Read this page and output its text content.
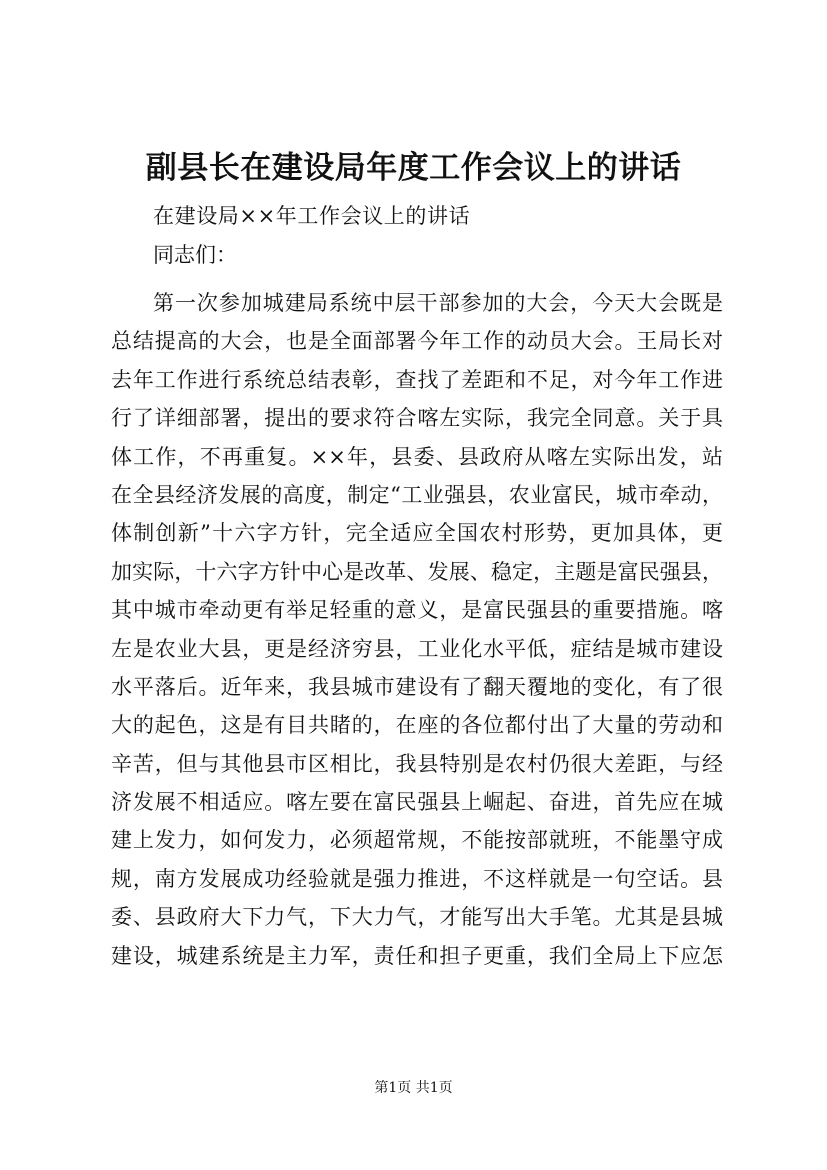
副县长在建设局年度工作会议上的讲话
在建设局××年工作会议上的讲话
同志们：
第一次参加城建局系统中层干部参加的大会，今天大会既是
总结提高的大会，也是全面部署今年工作的动员大会。王局长对
去年工作进行系统总结表彰，查找了差距和不足，对今年工作进
行了详细部署，提出的要求符合喀左实际，我完全同意。关于具
体工作，不再重复。××年，县委、县政府从喀左实际出发，站
在全县经济发展的高度，制定“工业强县，农业富民，城市牵动，
体制创新”十六字方针，完全适应全国农村形势，更加具体，更
加实际，十六字方针中心是改革、发展、稳定，主题是富民强县，
其中城市牵动更有举足轻重的意义，是富民强县的重要措施。喀
左是农业大县，更是经济穷县，工业化水平低，症结是城市建设
水平落后。近年来，我县城市建设有了翻天覆地的变化，有了很
大的起色，这是有目共睹的，在座的各位都付出了大量的劳动和
辛苦，但与其他县市区相比，我县特别是农村仍很大差距，与经
济发展不相适应。喀左要在富民强县上崛起、奋进，首先应在城
建上发力，如何发力，必须超常规，不能按部就班，不能墨守成
规，南方发展成功经验就是强力推进，不这样就是一句空话。县
委、县政府大下力气，下大力气，才能写出大手笔。尤其是县城
建设，城建系统是主力军，责任和担子更重，我们全局上下应怎
第1页 共1页
